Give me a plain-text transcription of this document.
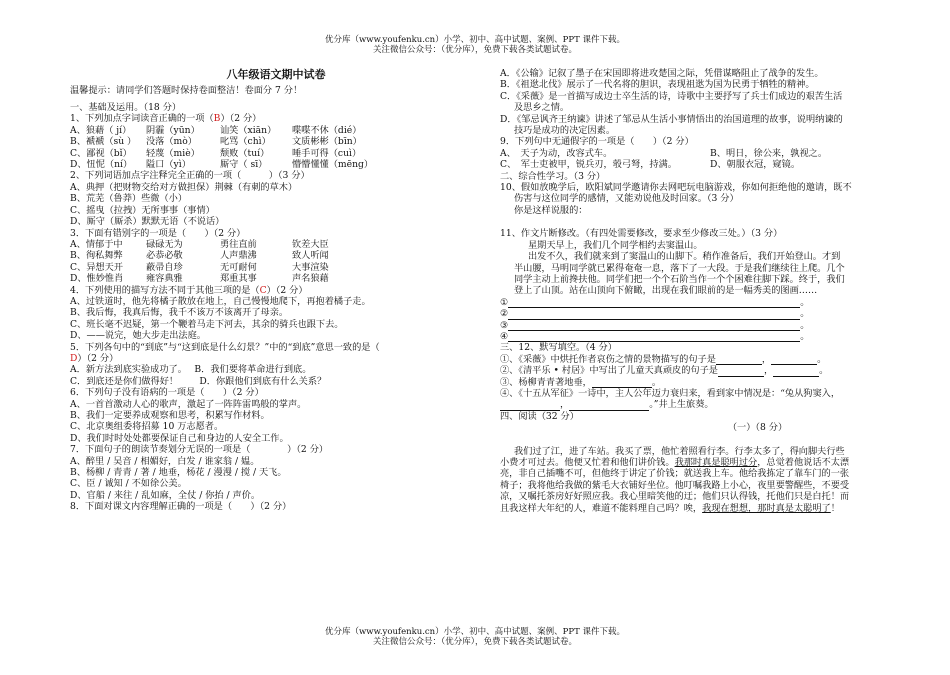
优分库（www.youfenku.cn）小学、初中、高中试题、案例、PPT 课件下载。
关注微信公众号：（优分库），免费下载各类试题试卷。
八年级语文期中试卷
温馨提示：请同学们答题时保持卷面整洁！卷面分 7 分！
一、基础及运用。（18 分）
1、下列加点字词读音正确的一项（B）（2 分）
A、狼藉（ jí）	阴霾（yūn）	讪笑（xiān）	喋喋不休（dié）
B、褫褫（sù ）	没落（mò）	叱骂（chì）	文质彬彬（bīn）
C、鄙视（bǐ）	轻蔑（miè）	颓败（tuí）	唾手可得（cuì）
D、忸怩（ní）	隘口（yì）	厮守（ sī）	懵懵懂懂（mēng）
2、下列词语加点字注释完全正确的一项（　　　）（3 分）
A、典押（把财物交给对方做担保）荆棘（有刺的草木）
B、荒芜（鲁莽）些微（小）
C、摇曳（拉拽）无所事事（事情）
D、厮守（厮杀）默默无语（不说话）
3．下面有错别字的一项是（　　）（2 分）
A、情郁于中	碌碌无为	勇往直前	钦差大臣
B、徇私舞弊	必恭必敬	人声鼎沸	致人听闻
C、异想天开	蔽帚自珍	无可耐何	大事渲染
D、惟妙惟肖	雍容典雅	郑重其事	声名狼藉
4．下列使用的描写方法不同于其他三项的是（C）（2 分）
A、过铁道时，他先将橘子散放在地上，自己慢慢地爬下，再抱着橘子走。
B、我后悔，我真后悔，我千不该万不该离开了母亲。
C、班长毫不迟疑，第一个鞭着马走下河去，其余的骑兵也跟下去。
D、——说完，她大步走出法庭。
5．下列各句中的“到底”与“这到底是什么幻景？”中的“到底”意思一致的是（
D）（2 分）
A．新方法到底实验成功了。　 B．我们要将革命进行到底。
C．到底还是你们做得好！　　 D．你跟他们到底有什么关系？
6．下列句子没有语病的一项是（　　）（2 分）
A、一首首激动人心的歌声，激起了一阵阵雷鸣般的掌声。
B、我们一定要养成观察和思考，积累写作材料。
C、北京奥组委将招募 10 万志愿者。
D、我们时时处处都要保证自己和身边的人安全工作。
7．下面句子的朗读节奏划分无误的一项是（　　　　）（2 分）
A、醉里 / 吴音 / 相媚好，白发 / 谁家翁 / 媪。
B、杨柳 / 青青 / 著 / 地垂，杨花 / 漫漫 / 搅 / 天飞。
C、臣 / 诚知 / 不如徐公美。
D、官船 / 来往 / 乱如麻，全仗 / 你抬 / 声价。
8．下面对课文内容理解正确的一项是（　　）（2 分）
A．《公输》记叙了墨子在宋国即将进攻楚国之际，凭借谋略阻止了战争的发生。
B．《祖逖北伐》展示了一代名将的胆识，表现祖逖为国为民勇于牺牲的精神。
C．《采薇》是一首描写成边士卒生活的诗，诗歌中主要抒写了兵士们成边的艰苦生活
及思乡之情。
D．《邹忌讽齐王纳谏》讲述了邹忌从生活小事情悟出的治国道理的故事，说明纳谏的
技巧是成功的决定因素。
9．下列句中无通假字的一项是（　　）（2 分）
A、　天子为动，改容式车。	B、明日，徐公来，孰视之。
C、　军士吏被甲，锐兵刃，彀弓弩，持满。	D、朝服衣冠，窥镜。
二、综合性学习。（3 分）
10、假如放晚学后，欧阳斌同学邀请你去网吧玩电脑游戏，你如何拒绝他的邀请，既不
伤害与这位同学的感情，又能劝说他及时回家。（3 分）
你是这样说服的：
11、作文片断修改。（有四处需要修改，要求至少修改三处。）（3 分）
星期天早上，我们几个同学相约去窦温山。
出发不久，我们就来到了窦温山的山脚下。稍作准备后，我们开始登山。才到
半山腰，马明同学就已累得奄奄一息，落下了一大段。于是我们继续往上爬。几个
同学主动上前搀扶他。同学们把一个个石阶当作一个个困难往脚下踩。终于，我们
登上了山顶。站在山顶向下俯瞰，出现在我们眼前的是一幅秀美的图画……
①	。
②	。
③	。
④	。
三、12、默写填空。（4 分）
①、《采薇》中烘托作者哀伤之情的景物描写的句子是	，	。
②、《清平乐 • 村居》中写出了儿童天真顽皮的句子是	，	。
③、杨柳青青著地垂，	。
④、《十五从军征》一诗中，主人公年迈力衰归来，看到家中情况是：“兔从狗窦入，
，	。”井上生旅葵。
四、阅读（32 分）
（一）（8 分）
我们过了江，进了车站。我买了票，他忙着照看行李。行李太多了，得向脚夫行些
小费才可过去。他便又忙着和他们讲价钱。我那时真是聪明过分，总觉着他说话不太漂
亮，非自己插嘴不可，但他终于讲定了价钱；就送我上车。他给我拣定了靠车门的一张
椅子；我将他给我做的紫毛大衣铺好坐位。他叮嘱我路上小心，夜里要警醒些，不要受
凉，又嘱托茶房好好照应我。我心里暗笑他的迂；他们只认得钱，托他们只是白托！而
且我这样大年纪的人，难道不能料理自己吗？唉，我现在想想，那时真是太聪明了！
优分库（www.youfenku.cn）小学、初中、高中试题、案例、PPT 课件下载。
关注微信公众号：（优分库），免费下载各类试题试卷。
